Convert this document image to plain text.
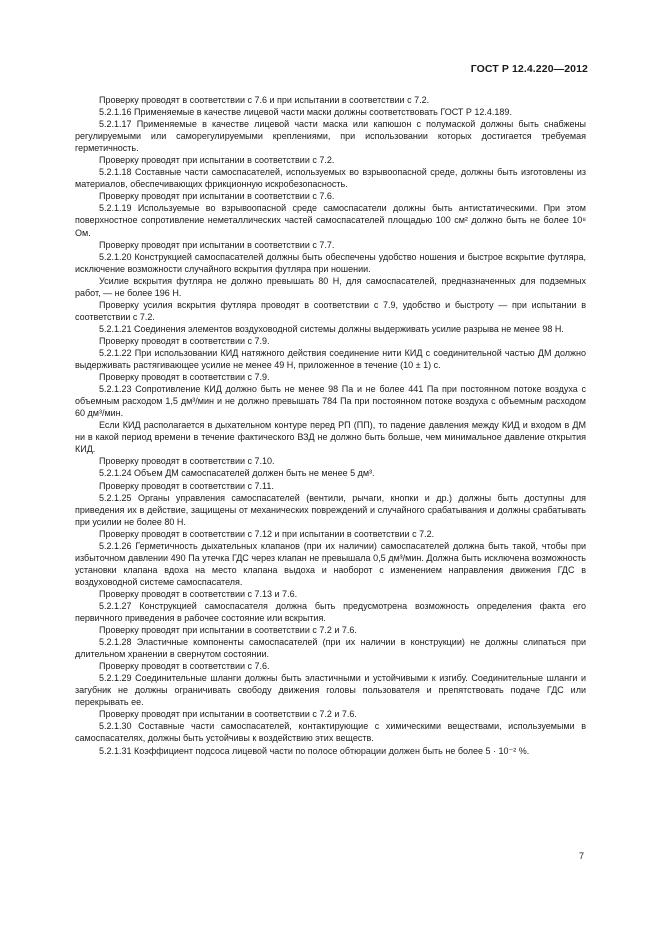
ГОСТ Р 12.4.220—2012

Проверку проводят в соответствии с 7.6 и при испытании в соответствии с 7.2.

5.2.1.16 Применяемые в качестве лицевой части маски должны соответствовать ГОСТ Р 12.4.189.

5.2.1.17 Применяемые в качестве лицевой части маска или капюшон с полумаской должны быть снабжены регулируемыми или саморегулируемыми креплениями, при использовании которых достигается требуемая герметичность.

Проверку проводят при испытании в соответствии с 7.2.

5.2.1.18 Составные части самоспасателей, используемых во взрывоопасной среде, должны быть изготовлены из материалов, обеспечивающих фрикционную искробезопасность.

Проверку проводят при испытании в соответствии с 7.6.

5.2.1.19 Используемые во взрывоопасной среде самоспасатели должны быть антистатическими. При этом поверхностное сопротивление неметаллических частей самоспасателей площадью 100 см² должно быть не более 10⁸ Ом.

Проверку проводят при испытании в соответствии с 7.7.

5.2.1.20 Конструкцией самоспасателей должны быть обеспечены удобство ношения и быстрое вскрытие футляра, исключение возможности случайного вскрытия футляра при ношении.

Усилие вскрытия футляра не должно превышать 80 Н, для самоспасателей, предназначенных для подземных работ, — не более 196 Н.

Проверку усилия вскрытия футляра проводят в соответствии с 7.9, удобство и быстроту — при испытании в соответствии с 7.2.

5.2.1.21 Соединения элементов воздуховодной системы должны выдерживать усилие разрыва не менее 98 Н.

Проверку проводят в соответствии с 7.9.

5.2.1.22 При использовании КИД натяжного действия соединение нити КИД с соединительной частью ДМ должно выдерживать растягивающее усилие не менее 49 Н, приложенное в течение (10 ± 1) с.

Проверку проводят в соответствии с 7.9.

5.2.1.23 Сопротивление КИД должно быть не менее 98 Па и не более 441 Па при постоянном потоке воздуха с объемным расходом 1,5 дм³/мин и не должно превышать 784 Па при постоянном потоке воздуха с объемным расходом 60 дм³/мин.

Если КИД располагается в дыхательном контуре перед РП (ПП), то падение давления между КИД и входом в ДМ ни в какой период времени в течение фактического ВЗД не должно быть больше, чем минимальное давление открытия КИД.

Проверку проводят в соответствии с 7.10.

5.2.1.24 Объем ДМ самоспасателей должен быть не менее 5 дм³.

Проверку проводят в соответствии с 7.11.

5.2.1.25 Органы управления самоспасателей (вентили, рычаги, кнопки и др.) должны быть доступны для приведения их в действие, защищены от механических повреждений и случайного срабатывания и должны срабатывать при усилии не более 80 Н.

Проверку проводят в соответствии с 7.12 и при испытании в соответствии с 7.2.

5.2.1.26 Герметичность дыхательных клапанов (при их наличии) самоспасателей должна быть такой, чтобы при избыточном давлении 490 Па утечка ГДС через клапан не превышала 0,5 дм³/мин. Должна быть исключена возможность установки клапана вдоха на место клапана выдоха и наоборот с изменением направления движения ГДС в воздуховодной системе самоспасателя.

Проверку проводят в соответствии с 7.13 и 7.6.

5.2.1.27 Конструкцией самоспасателя должна быть предусмотрена возможность определения факта его первичного приведения в рабочее состояние или вскрытия.

Проверку проводят при испытании в соответствии с 7.2 и 7.6.

5.2.1.28 Эластичные компоненты самоспасателей (при их наличии в конструкции) не должны слипаться при длительном хранении в свернутом состоянии.

Проверку проводят в соответствии с 7.6.

5.2.1.29 Соединительные шланги должны быть эластичными и устойчивыми к изгибу. Соединительные шланги и загубник не должны ограничивать свободу движения головы пользователя и препятствовать подаче ГДС или перекрывать ее.

Проверку проводят при испытании в соответствии с 7.2 и 7.6.

5.2.1.30 Составные части самоспасателей, контактирующие с химическими веществами, используемыми в самоспасателях, должны быть устойчивы к воздействию этих веществ.

5.2.1.31 Коэффициент подсоса лицевой части по полосе обтюрации должен быть не более 5 · 10⁻² %.

7
